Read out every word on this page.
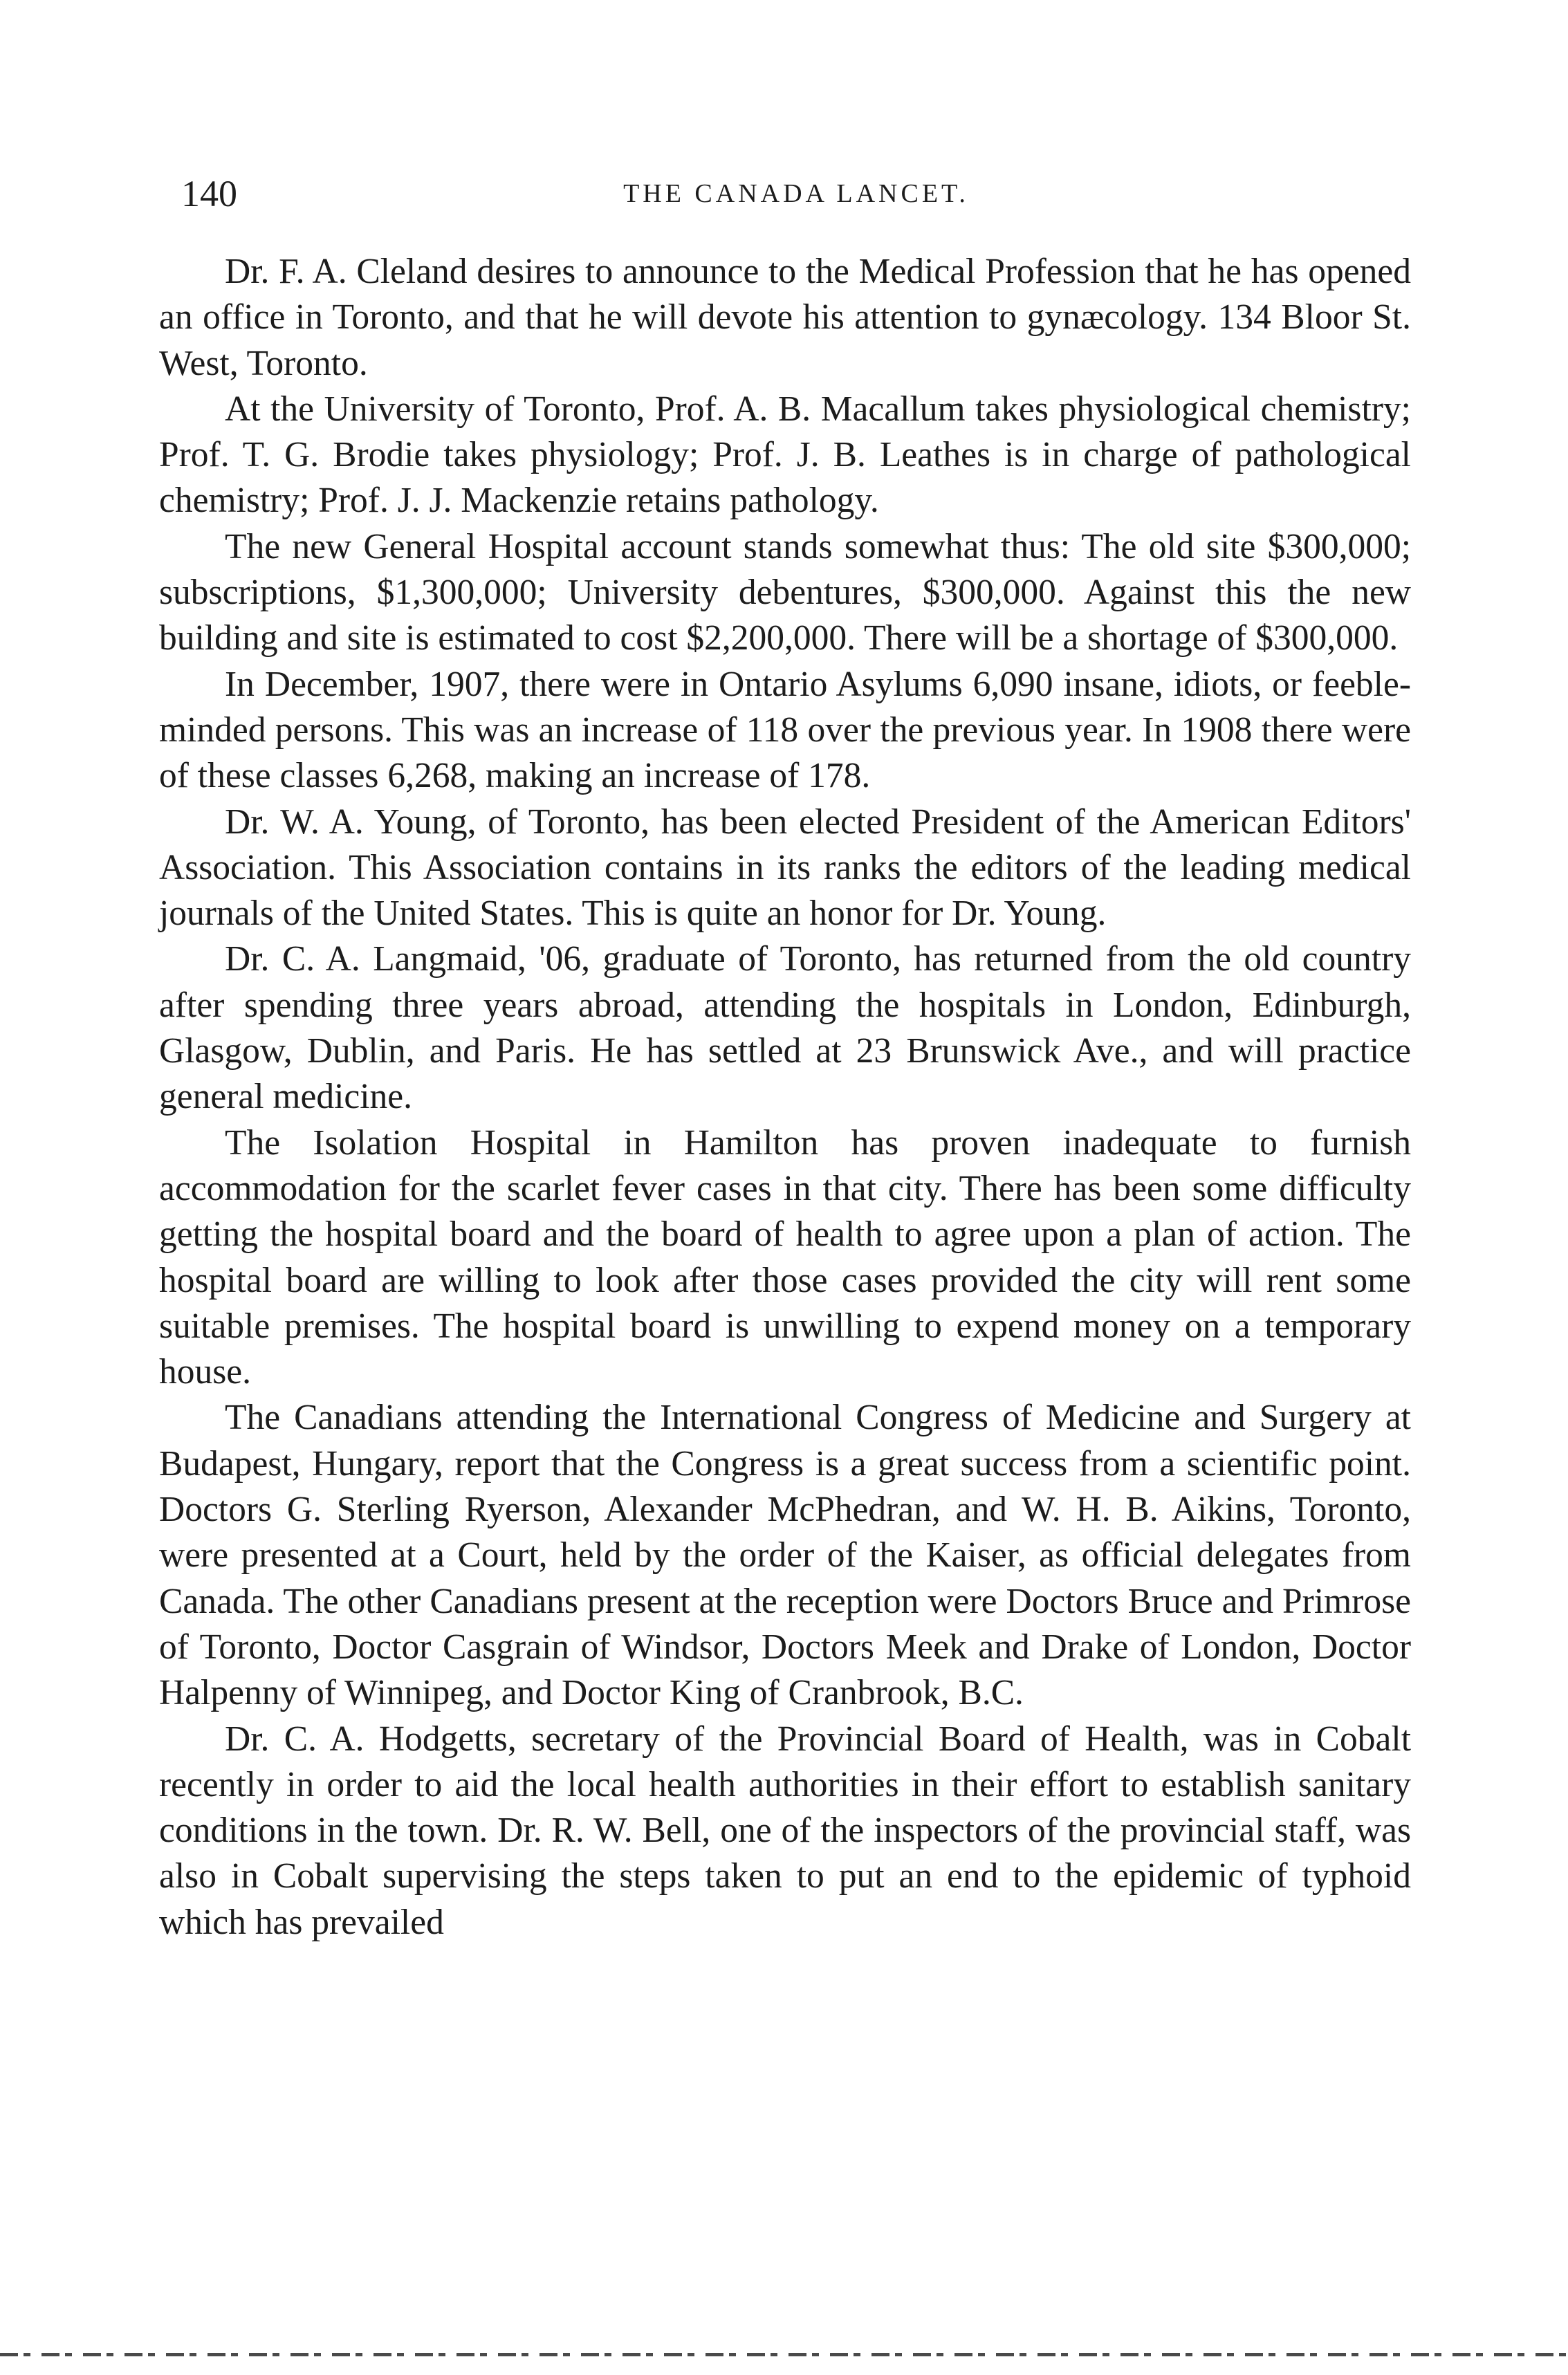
140	THE CANADA LANCET.

Dr. F. A. Cleland desires to announce to the Medical Profession that he has opened an office in Toronto, and that he will devote his attention to gynæcology. 134 Bloor St. West, Toronto.

At the University of Toronto, Prof. A. B. Macallum takes physiological chemistry; Prof. T. G. Brodie takes physiology; Prof. J. B. Leathes is in charge of pathological chemistry; Prof. J. J. Mackenzie retains pathology.

The new General Hospital account stands somewhat thus: The old site $300,000; subscriptions, $1,300,000; University debentures, $300,000. Against this the new building and site is estimated to cost $2,200,000. There will be a shortage of $300,000.

In December, 1907, there were in Ontario Asylums 6,090 insane, idiots, or feeble-minded persons. This was an increase of 118 over the previous year. In 1908 there were of these classes 6,268, making an increase of 178.

Dr. W. A. Young, of Toronto, has been elected President of the American Editors' Association. This Association contains in its ranks the editors of the leading medical journals of the United States. This is quite an honor for Dr. Young.

Dr. C. A. Langmaid, '06, graduate of Toronto, has returned from the old country after spending three years abroad, attending the hospitals in London, Edinburgh, Glasgow, Dublin, and Paris. He has settled at 23 Brunswick Ave., and will practice general medicine.

The Isolation Hospital in Hamilton has proven inadequate to furnish accommodation for the scarlet fever cases in that city. There has been some difficulty getting the hospital board and the board of health to agree upon a plan of action. The hospital board are willing to look after those cases provided the city will rent some suitable premises. The hospital board is unwilling to expend money on a temporary house.

The Canadians attending the International Congress of Medicine and Surgery at Budapest, Hungary, report that the Congress is a great success from a scientific point. Doctors G. Sterling Ryerson, Alexander McPhedran, and W. H. B. Aikins, Toronto, were presented at a Court, held by the order of the Kaiser, as official delegates from Canada. The other Canadians present at the reception were Doctors Bruce and Primrose of Toronto, Doctor Casgrain of Windsor, Doctors Meek and Drake of London, Doctor Halpenny of Winnipeg, and Doctor King of Cranbrook, B.C.

Dr. C. A. Hodgetts, secretary of the Provincial Board of Health, was in Cobalt recently in order to aid the local health authorities in their effort to establish sanitary conditions in the town. Dr. R. W. Bell, one of the inspectors of the provincial staff, was also in Cobalt supervising the steps taken to put an end to the epidemic of typhoid which has prevailed
